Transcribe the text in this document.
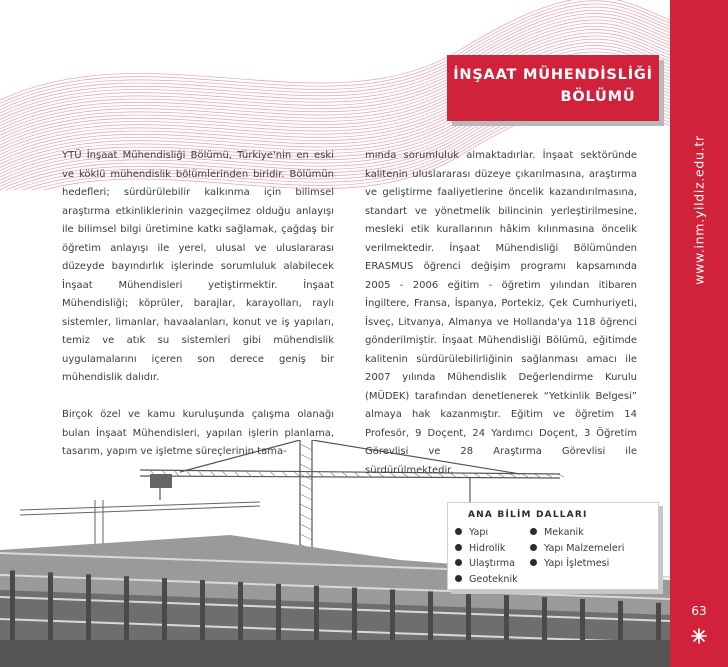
İNŞAAT MÜHENDİSLİĞİ

BÖLÜMÜ
www.inm.yildiz.edu.tr
63

YTÜ İnşaat Mühendisliği Bölümü, Türkiye'nin en eski ve köklü mühendislik bölümlerinden biridir. Bölümün hedefleri; sürdürülebilir kalkınma için bilimsel araştırma etkinliklerinin vazgeçilmez olduğu anlayışı ile bilimsel bilgi üretimine katkı sağlamak, çağdaş bir öğretim anlayışı ile yerel, ulusal ve uluslararası düzeyde bayındırlık işlerinde sorumluluk alabilecek İnşaat Mühendisleri yetiştirmektir. İnşaat Mühendisliği; köprüler, barajlar, karayolları, raylı sistemler, limanlar, havaalanları, konut ve iş yapıları, temiz ve atık su sistemleri gibi mühendislik uygulamalarını içeren son derece geniş bir mühendislik dalıdır.

Birçok özel ve kamu kuruluşunda çalışma olanağı bulan İnşaat Mühendisleri, yapılan işlerin planlama, tasarım, yapım ve işletme süreçlerinin tama-

mında sorumluluk almaktadırlar. İnşaat sektöründe kalitenin uluslararası düzeye çıkarılmasına, araştırma ve geliştirme faaliyetlerine öncelik kazandırılmasına, standart ve yönetmelik bilincinin yerleştirilmesine, mesleki etik kurallarının hâkim kılınmasına öncelik verilmektedir. İnşaat Mühendisliği Bölümünden ERASMUS öğrenci değişim programı kapsamında 2005 - 2006 eğitim - öğretim yılından itibaren İngiltere, Fransa, İspanya, Portekiz, Çek Cumhuriyeti, İsveç, Litvanya, Almanya ve Hollanda'ya 118 öğrenci gönderilmiştir. İnşaat Mühendisliği Bölümü, eğitimde kalitenin sürdürülebilirliğinin sağlanması amacı ile 2007 yılında Mühendislik Değerlendirme Kurulu (MÜDEK) tarafından denetlenerek “Yetkinlik Belgesi” almaya hak kazanmıştır. Eğitim ve öğretim 14 Profesör, 9 Doçent, 24 Yardımcı Doçent, 3 Öğretim Görevlisi ve 28 Araştırma Görevlisi ile sürdürülmektedir.

ANA BİLİM DALLARI
Yapı
Hidrolik
Ulaştırma
Geoteknik
Mekanik
Yapı Malzemeleri
Yapı İşletmesi
